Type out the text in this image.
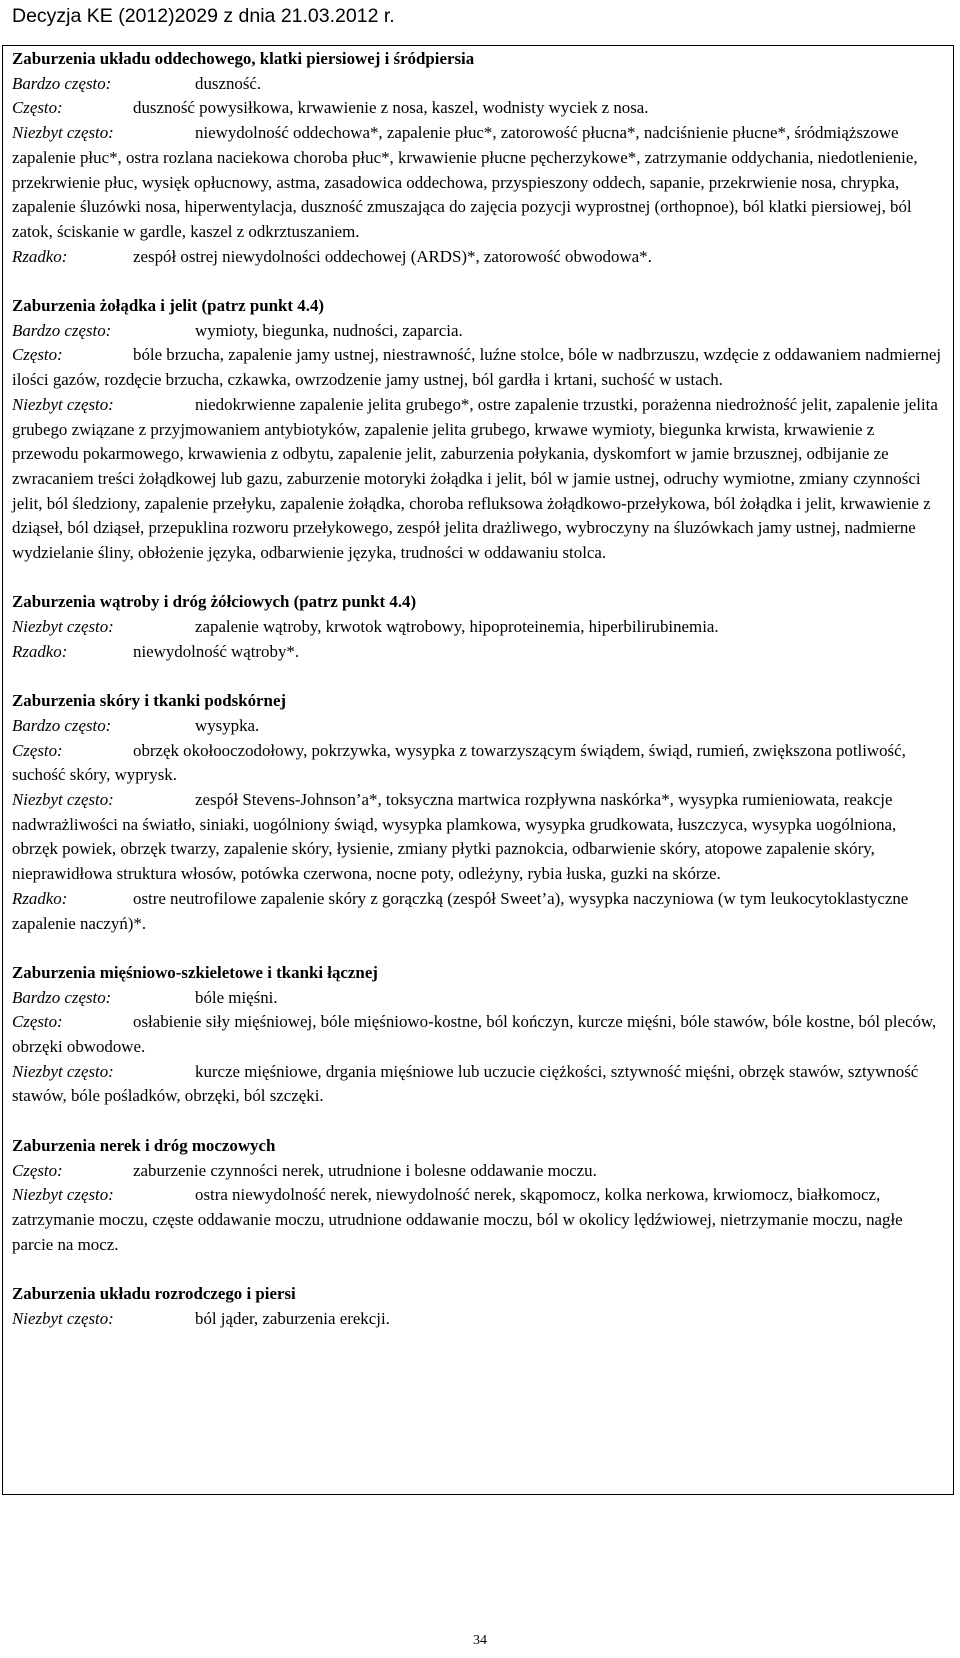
Decyzja KE (2012)2029 z dnia 21.03.2012 r.

Zaburzenia układu oddechowego, klatki piersiowej i śródpiersia

Bardzo często:	duszność.

Często:	duszność powysiłkowa, krwawienie z nosa, kaszel, wodnisty wyciek z nosa.

Niezbyt często:	niewydolność oddechowa*, zapalenie płuc*, zatorowość płucna*, nadciśnienie płucne*, śródmiąższowe zapalenie płuc*, ostra rozlana naciekowa choroba płuc*, krwawienie płucne pęcherzykowe*, zatrzymanie oddychania, niedotlenienie, przekrwienie płuc, wysięk opłucnowy, astma, zasadowica oddechowa, przyspieszony oddech, sapanie, przekrwienie nosa, chrypka, zapalenie śluzówki nosa, hiperwentylacja, duszność zmuszająca do zajęcia pozycji wyprostnej (orthopnoe), ból klatki piersiowej, ból zatok, ściskanie w gardle, kaszel z odkrztuszaniem.

Rzadko:	zespół ostrej niewydolności oddechowej (ARDS)*, zatorowość obwodowa*.

Zaburzenia żołądka i jelit (patrz punkt 4.4)

Bardzo często:	wymioty, biegunka, nudności, zaparcia.

Często:	bóle brzucha, zapalenie jamy ustnej, niestrawność, luźne stolce, bóle w nadbrzuszu, wzdęcie z oddawaniem nadmiernej ilości gazów, rozdęcie brzucha, czkawka, owrzodzenie jamy ustnej, ból gardła i krtani, suchość w ustach.

Niezbyt często:	niedokrwienne zapalenie jelita grubego*, ostre zapalenie trzustki, porażenna niedrożność jelit, zapalenie jelita grubego związane z przyjmowaniem antybiotyków, zapalenie jelita grubego, krwawe wymioty, biegunka krwista, krwawienie z przewodu pokarmowego, krwawienia z odbytu, zapalenie jelit, zaburzenia połykania, dyskomfort w jamie brzusznej, odbijanie ze zwracaniem treści żołądkowej lub gazu, zaburzenie motoryki żołądka i jelit, ból w jamie ustnej, odruchy wymiotne, zmiany czynności jelit, ból śledziony, zapalenie przełyku, zapalenie żołądka, choroba refluksowa żołądkowo-przełykowa, ból żołądka i jelit, krwawienie z dziąseł, ból dziąseł, przepuklina rozworu przełykowego, zespół jelita drażliwego, wybroczyny na śluzówkach jamy ustnej, nadmierne wydzielanie śliny, obłożenie języka, odbarwienie języka, trudności w oddawaniu stolca.

Zaburzenia wątroby i dróg żółciowych (patrz punkt 4.4)

Niezbyt często:	zapalenie wątroby, krwotok wątrobowy, hipoproteinemia, hiperbilirubinemia.

Rzadko:	niewydolność wątroby*.

Zaburzenia skóry i tkanki podskórnej

Bardzo często:	wysypka.

Często:	obrzęk okołooczodołowy, pokrzywka, wysypka z towarzyszącym świądem, świąd, rumień, zwiększona potliwość, suchość skóry, wyprysk.

Niezbyt często:	zespół Stevens-Johnson’a*, toksyczna martwica rozpływna naskórka*, wysypka rumieniowata, reakcje nadwrażliwości na światło, siniaki, uogólniony świąd, wysypka plamkowa, wysypka grudkowata, łuszczyca, wysypka uogólniona, obrzęk powiek, obrzęk twarzy, zapalenie skóry, łysienie, zmiany płytki paznokcia, odbarwienie skóry, atopowe zapalenie skóry, nieprawidłowa struktura włosów, potówka czerwona, nocne poty, odleżyny, rybia łuska, guzki na skórze.

Rzadko:	ostre neutrofilowe zapalenie skóry z gorączką (zespół Sweet’a), wysypka naczyniowa (w tym leukocytoklastyczne zapalenie naczyń)*.

Zaburzenia mięśniowo-szkieletowe i tkanki łącznej

Bardzo często:	bóle mięśni.

Często:	osłabienie siły mięśniowej, bóle mięśniowo-kostne, ból kończyn, kurcze mięśni, bóle stawów, bóle kostne, ból pleców, obrzęki obwodowe.

Niezbyt często:	kurcze mięśniowe, drgania mięśniowe lub uczucie ciężkości, sztywność mięśni, obrzęk stawów, sztywność stawów, bóle pośladków, obrzęki, ból szczęki.

Zaburzenia nerek i dróg moczowych

Często:	zaburzenie czynności nerek, utrudnione i bolesne oddawanie moczu.

Niezbyt często:	ostra niewydolność nerek, niewydolność nerek, skąpomocz, kolka nerkowa, krwiomocz, białkomocz, zatrzymanie moczu, częste oddawanie moczu, utrudnione oddawanie moczu, ból w okolicy lędźwiowej, nietrzymanie moczu, nagłe parcie na mocz.

Zaburzenia układu rozrodczego i piersi

Niezbyt często:	ból jąder, zaburzenia erekcji.

34
